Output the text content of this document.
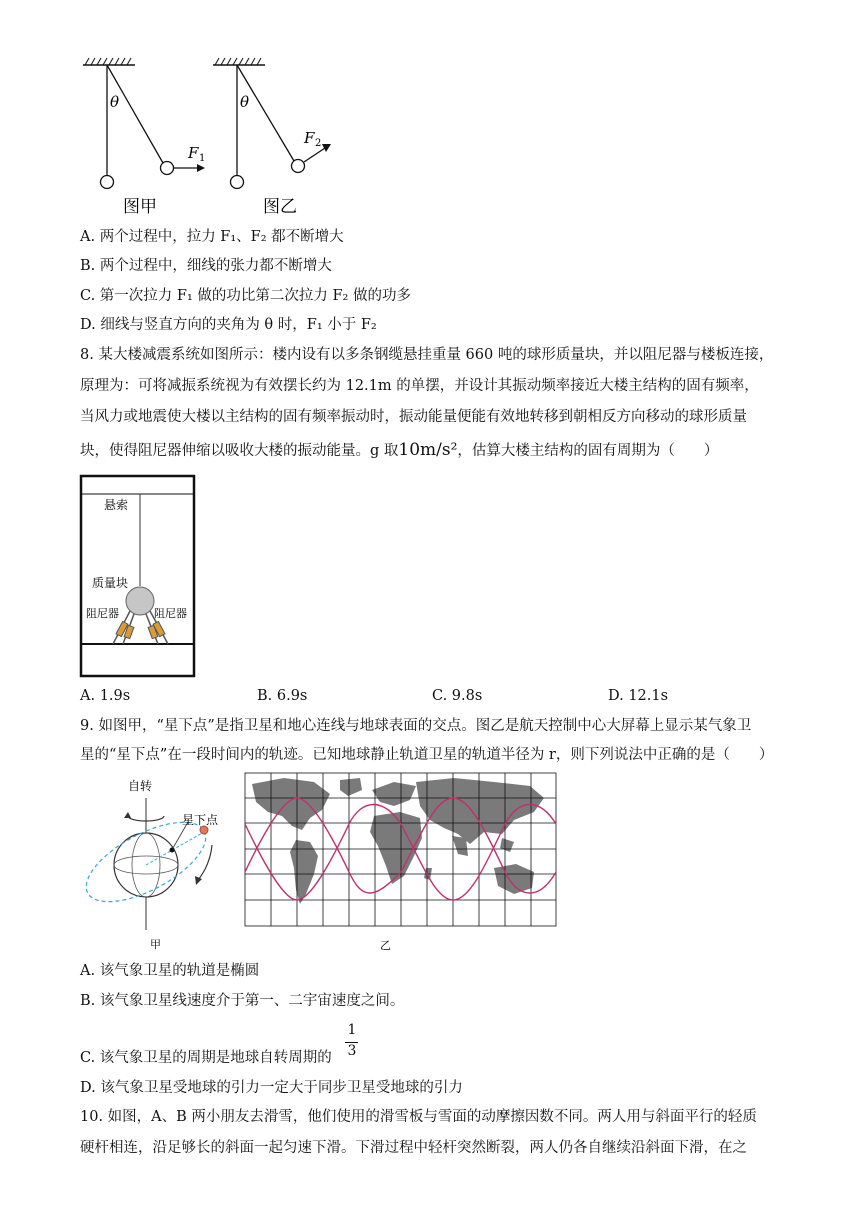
θ
F 1
图甲
θ
F 2
图乙
A. 两个过程中，拉力 F₁、F₂ 都不断增大
B. 两个过程中，细线的张力都不断增大
C. 第一次拉力 F₁ 做的功比第二次拉力 F₂ 做的功多
D. 细线与竖直方向的夹角为 θ 时，F₁ 小于 F₂
8. 某大楼减震系统如图所示：楼内设有以多条钢缆悬挂重量 660 吨的球形质量块，并以阻尼器与楼板连接，
原理为：可将减振系统视为有效摆长约为 12.1m 的单摆，并设计其振动频率接近大楼主结构的固有频率，
当风力或地震使大楼以主结构的固有频率振动时，振动能量便能有效地转移到朝相反方向移动的球形质量
块，使得阻尼器伸缩以吸收大楼的振动能量。g 取10m/s²，估算大楼主结构的固有周期为（　　）
悬索
质量块
阻尼器	阻尼器
A. 1.9s	B. 6.9s	C. 9.8s	D. 12.1s
9. 如图甲，“星下点”是指卫星和地心连线与地球表面的交点。图乙是航天控制中心大屏幕上显示某气象卫
星的“星下点”在一段时间内的轨迹。已知地球静止轨道卫星的轨道半径为 r，则下列说法中正确的是（　　）
自转
星下点
甲	乙
A. 该气象卫星的轨道是椭圆
B. 该气象卫星线速度介于第一、二宇宙速度之间。
C. 该气象卫星的周期是地球自转周期的
1
3
D. 该气象卫星受地球的引力一定大于同步卫星受地球的引力
10. 如图，A、B 两小朋友去滑雪，他们使用的滑雪板与雪面的动摩擦因数不同。两人用与斜面平行的轻质
硬杆相连，沿足够长的斜面一起匀速下滑。下滑过程中轻杆突然断裂，两人仍各自继续沿斜面下滑，在之
